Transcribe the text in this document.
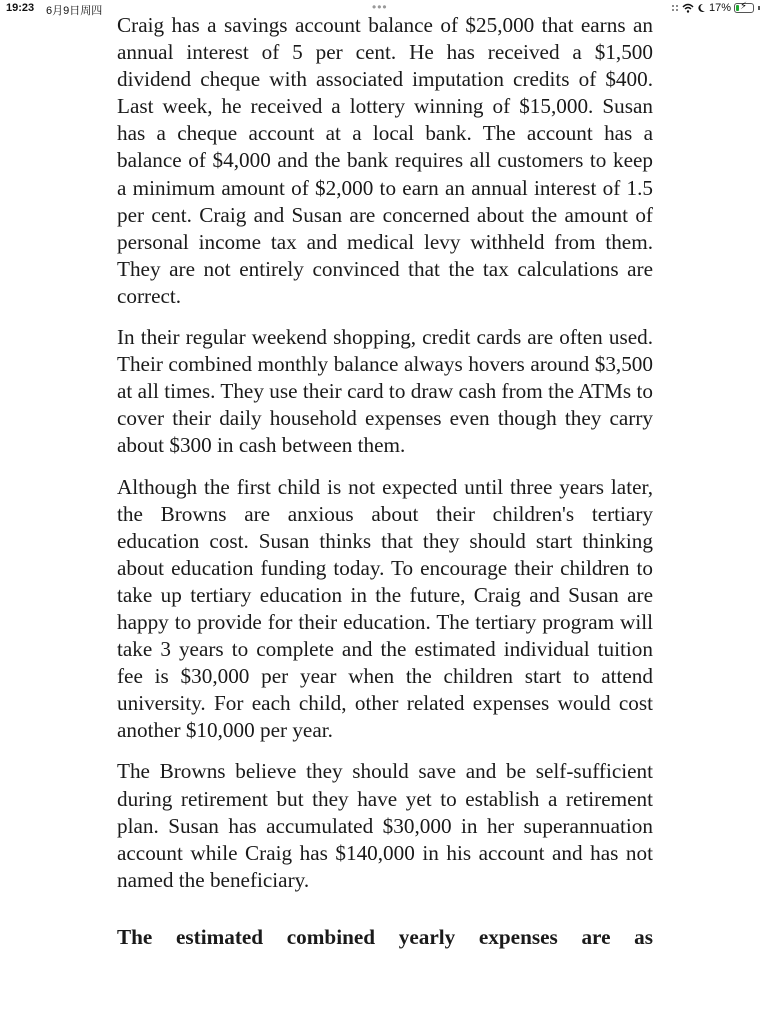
19:23 6月9日周四	•••	17% ⚡

Craig has a savings account balance of $25,000 that earns an annual interest of 5 per cent. He has received a $1,500 dividend cheque with associated imputation credits of $400. Last week, he received a lottery winning of $15,000. Susan has a cheque account at a local bank. The account has a balance of $4,000 and the bank requires all customers to keep a minimum amount of $2,000 to earn an annual interest of 1.5 per cent. Craig and Susan are concerned about the amount of personal income tax and medical levy withheld from them. They are not entirely convinced that the tax calculations are correct.

In their regular weekend shopping, credit cards are often used. Their combined monthly balance always hovers around $3,500 at all times. They use their card to draw cash from the ATMs to cover their daily household expenses even though they carry about $300 in cash between them.

Although the first child is not expected until three years later, the Browns are anxious about their children's tertiary education cost. Susan thinks that they should start thinking about education funding today. To encourage their children to take up tertiary education in the future, Craig and Susan are happy to provide for their education. The tertiary program will take 3 years to complete and the estimated individual tuition fee is $30,000 per year when the children start to attend university. For each child, other related expenses would cost another $10,000 per year.

The Browns believe they should save and be self-sufficient during retirement but they have yet to establish a retirement plan. Susan has accumulated $30,000 in her superannuation account while Craig has $140,000 in his account and has not named the beneficiary.

The estimated combined yearly expenses are as
